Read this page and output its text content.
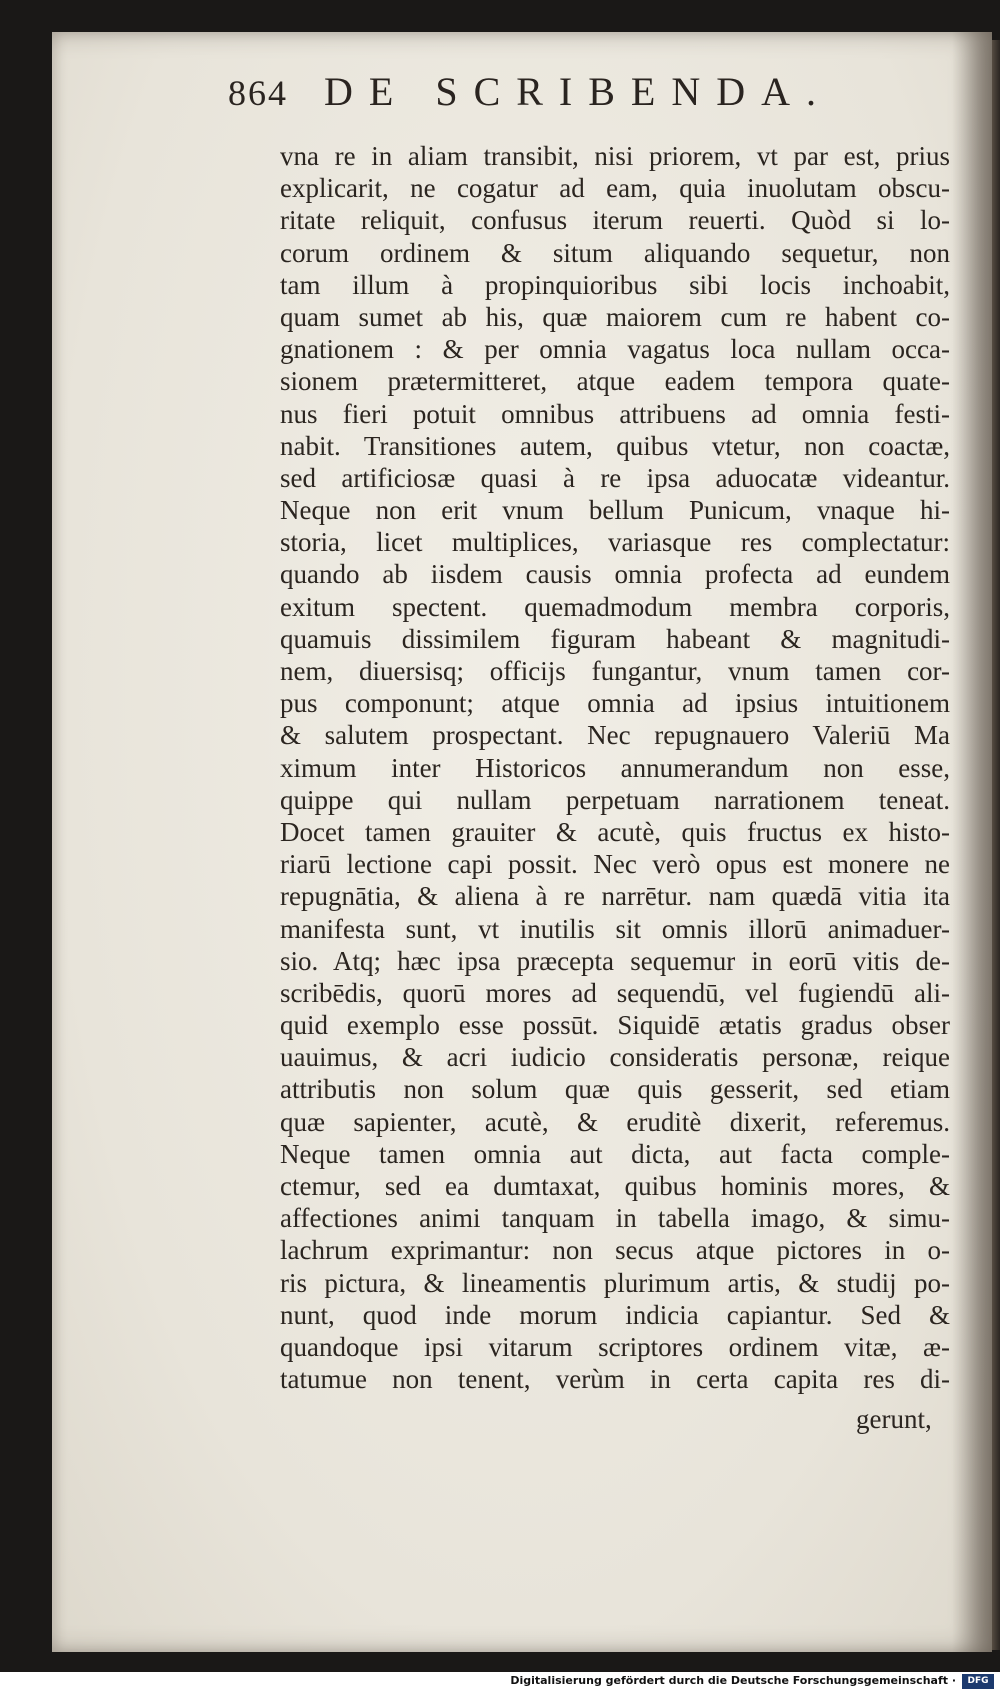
864 DE SCRIBENDA.
vna re in aliam transibit, nisi priorem, vt par est, prius
explicarit, ne cogatur ad eam, quia inuolutam obscu-
ritate reliquit, confusus iterum reuerti. Quòd si lo-
corum ordinem & situm aliquando sequetur, non
tam illum à propinquioribus sibi locis inchoabit,
quam sumet ab his, quæ maiorem cum re habent co-
gnationem : & per omnia vagatus loca nullam occa-
sionem prætermitteret, atque eadem tempora quate-
nus fieri potuit omnibus attribuens ad omnia festi-
nabit. Transitiones autem, quibus vtetur, non coactæ,
sed artificiosæ quasi à re ipsa aduocatæ videantur.
Neque non erit vnum bellum Punicum, vnaque hi-
storia, licet multiplices, variasque res complectatur:
quando ab iisdem causis omnia profecta ad eundem
exitum spectent. quemadmodum membra corporis,
quamuis dissimilem figuram habeant & magnitudi-
nem, diuersisq; officijs fungantur, vnum tamen cor-
pus componunt; atque omnia ad ipsius intuitionem
& salutem prospectant. Nec repugnauero Valeriū Ma
ximum inter Historicos annumerandum non esse,
quippe qui nullam perpetuam narrationem teneat.
Docet tamen grauiter & acutè, quis fructus ex histo-
riarū lectione capi possit. Nec verò opus est monere ne
repugnātia, & aliena à re narrētur. nam quædā vitia ita
manifesta sunt, vt inutilis sit omnis illorū animaduer-
sio. Atq; hæc ipsa præcepta sequemur in eorū vitis de-
scribēdis, quorū mores ad sequendū, vel fugiendū ali-
quid exemplo esse possūt. Siquidē ætatis gradus obser
uauimus, & acri iudicio consideratis personæ, reique
attributis non solum quæ quis gesserit, sed etiam
quæ sapienter, acutè, & eruditè dixerit, referemus.
Neque tamen omnia aut dicta, aut facta comple-
ctemur, sed ea dumtaxat, quibus hominis mores, &
affectiones animi tanquam in tabella imago, & simu-
lachrum exprimantur: non secus atque pictores in o-
ris pictura, & lineamentis plurimum artis, & studij po-
nunt, quod inde morum indicia capiantur. Sed &
quandoque ipsi vitarum scriptores ordinem vitæ, æ-
tatumue non tenent, verùm in certa capita res di-
gerunt,
Digitalisierung gefördert durch die Deutsche Forschungsgemeinschaft ·	DFG
